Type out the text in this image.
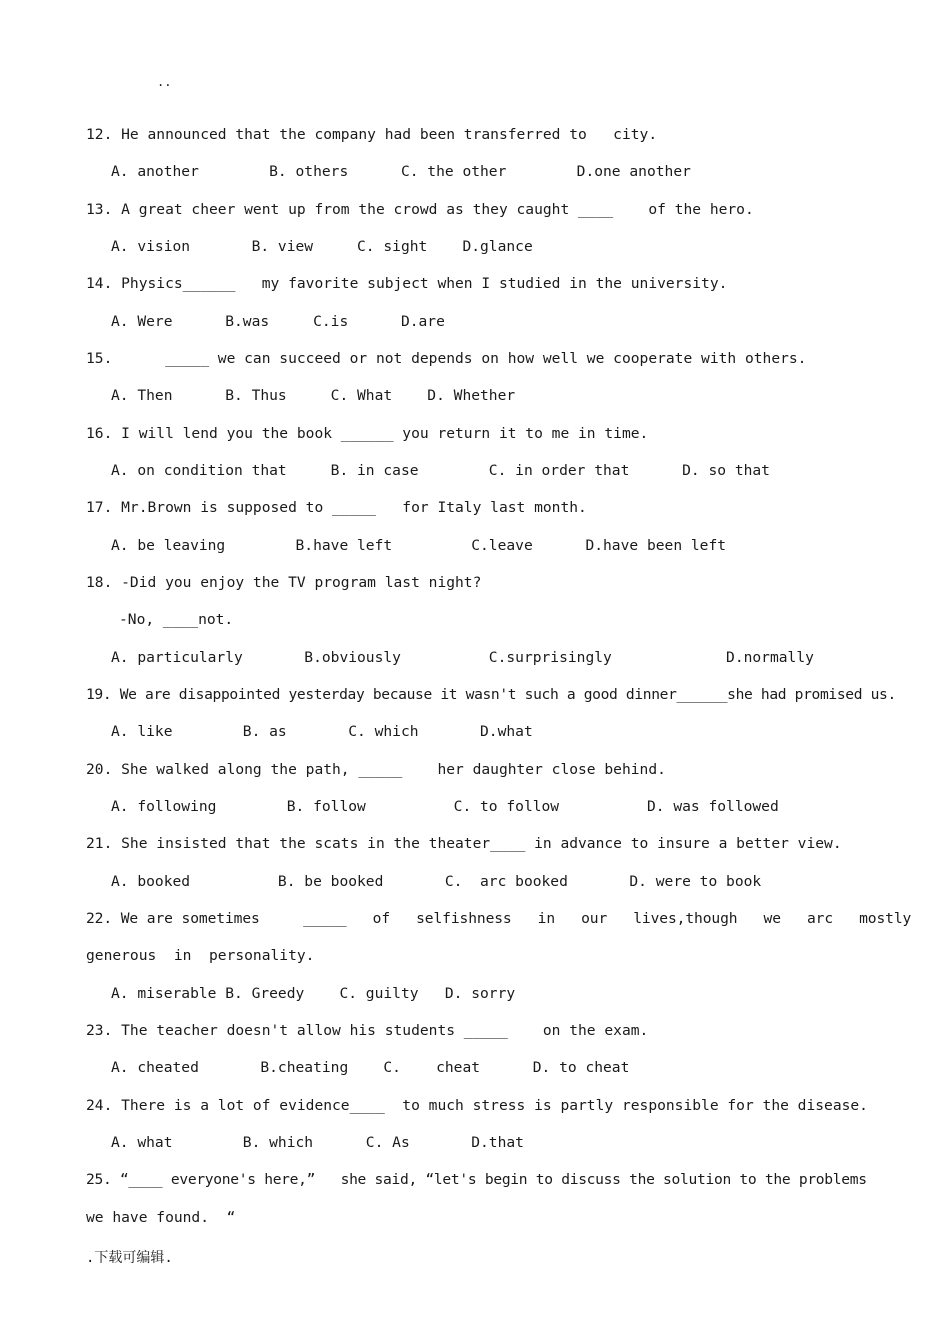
..
12. He announced that the company had been transferred to   city.
A. another        B. others      C. the other        D.one another
13. A great cheer went up from the crowd as they caught ____    of the hero.
A. vision       B. view     C. sight    D.glance
14. Physics______   my favorite subject when I studied in the university.
A. Were      B.was     C.is      D.are
15.      _____ we can succeed or not depends on how well we cooperate with others.
A. Then      B. Thus     C. What    D. Whether
16. I will lend you the book ______ you return it to me in time.
A. on condition that     B. in case        C. in order that      D. so that
17. Mr.Brown is supposed to _____   for Italy last month.
A. be leaving        B.have left         C.leave      D.have been left
18. -Did you enjoy the TV program last night?
-No, ____not.
A. particularly       B.obviously          C.surprisingly             D.normally
19. We are disappointed yesterday because it wasn't such a good dinner______she had promised us.
A. like        B. as       C. which       D.what
20. She walked along the path, _____    her daughter close behind.
A. following        B. follow          C. to follow          D. was followed
21. She insisted that the scats in the theater____ in advance to insure a better view.
A. booked          B. be booked       C.  arc booked       D. were to book
22. We are sometimes     _____   of   selfishness   in   our   lives,though   we   arc   mostly
generous  in  personality.
A. miserable B. Greedy    C. guilty   D. sorry
23. The teacher doesn't allow his students _____    on the exam.
A. cheated       B.cheating    C.    cheat      D. to cheat
24. There is a lot of evidence____  to much stress is partly responsible for the disease.
A. what        B. which      C. As       D.that
25. “____ everyone's here,”   she said, “let's begin to discuss the solution to the problems
we have found.  “
.下载可编辑.
